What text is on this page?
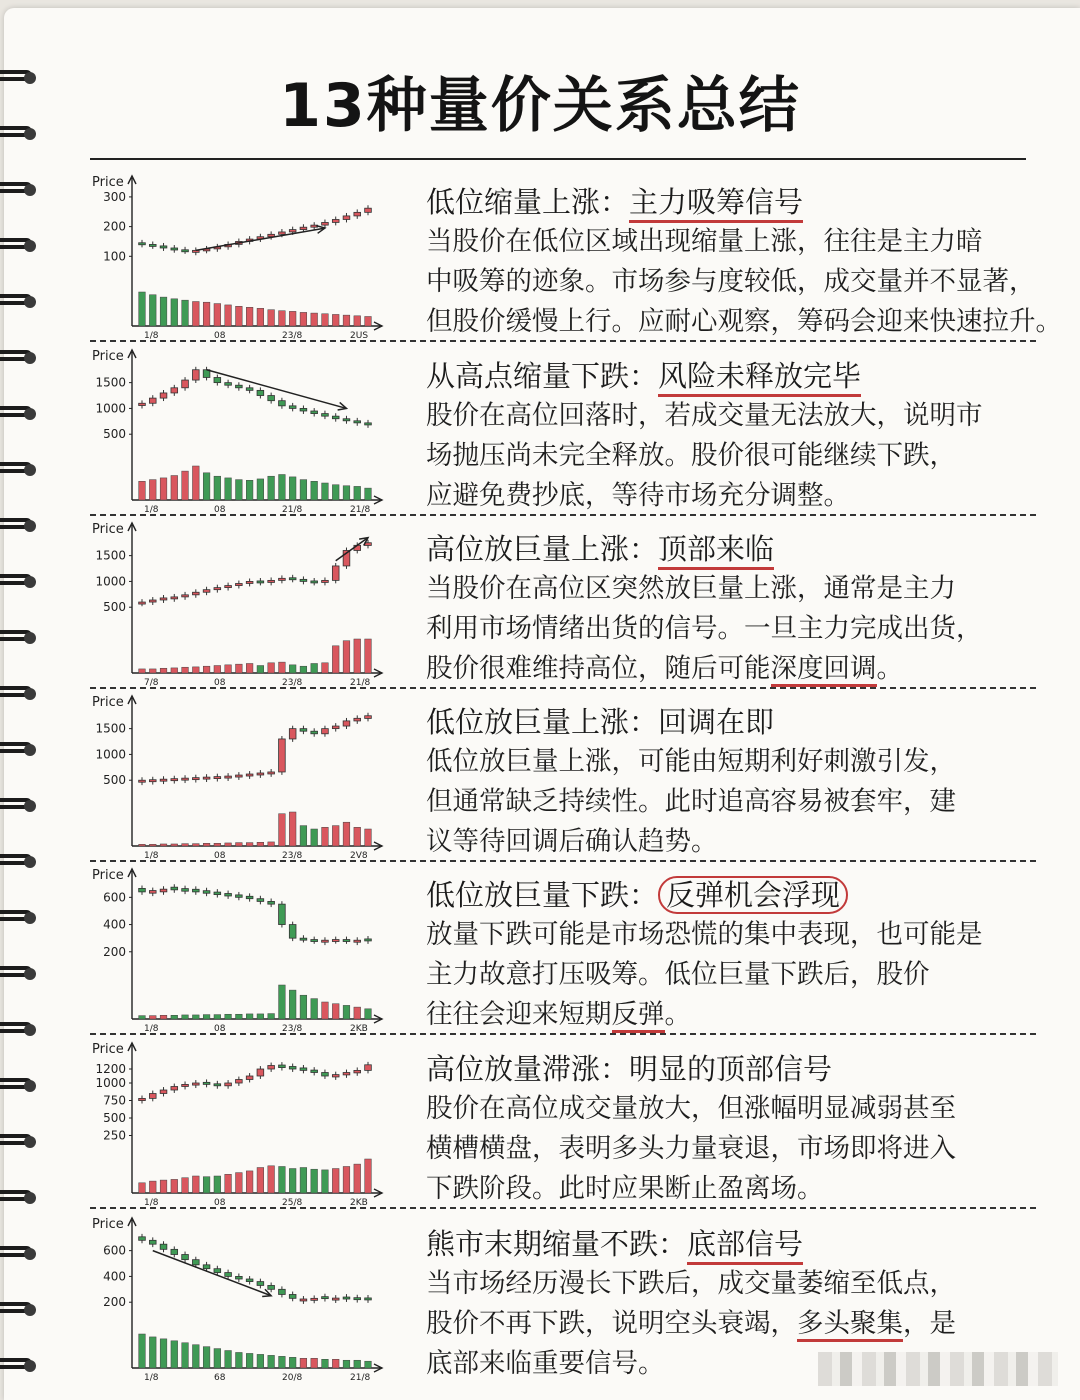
13种量价关系总结
Price
100
200
300
1/8	08	23/8	2US
低位缩量上涨：主力吸筹信号
当股价在低位区域出现缩量上涨，往往是主力暗
中吸筹的迹象。市场参与度较低，成交量并不显著，
但股价缓慢上行。应耐心观察，筹码会迎来快速拉升。
Price
500
1000
1500
1/8	08	21/8	21/8
从高点缩量下跌：风险未释放完毕
股价在高位回落时，若成交量无法放大，说明市
场抛压尚未完全释放。股价很可能继续下跌，
应避免费抄底，等待市场充分调整。
Price
500
1000
1500
7/8	08	23/8	21/8
高位放巨量上涨：顶部来临
当股价在高位区突然放巨量上涨，通常是主力
利用市场情绪出货的信号。一旦主力完成出货，
股价很难维持高位，随后可能深度回调。
Price
500
1000
1500
1/8	08	23/8	2V8
低位放巨量上涨：回调在即
低位放巨量上涨，可能由短期利好刺激引发，
但通常缺乏持续性。此时追高容易被套牢，建
议等待回调后确认趋势。
Price
200
400
600
1/8	08	23/8	2KB
低位放巨量下跌： 反弹机会浮现
放量下跌可能是市场恐慌的集中表现，也可能是
主力故意打压吸筹。低位巨量下跌后，股价
往往会迎来短期反弹。
Price
250
500
750
1000
1200
1/8	08	25/8	2KB
高位放量滞涨：明显的顶部信号
股价在高位成交量放大，但涨幅明显减弱甚至
横槽横盘，表明多头力量衰退，市场即将进入
下跌阶段。此时应果断止盈离场。
Price
200
400
600
1/8	68	20/8	21/8
熊市末期缩量不跌：底部信号
当市场经历漫长下跌后，成交量萎缩至低点，
股价不再下跌，说明空头衰竭，多头聚集，是
底部来临重要信号。
